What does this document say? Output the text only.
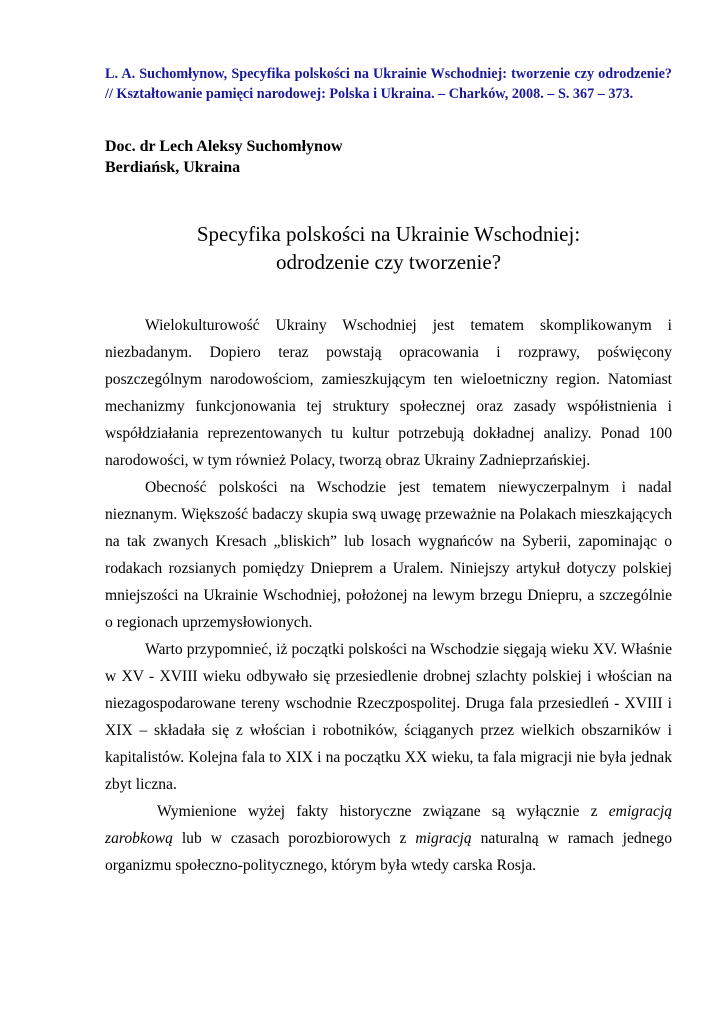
L. A. Suchomłynow, Specyfika polskości na Ukrainie Wschodniej: tworzenie czy odrodzenie? // Kształtowanie pamięci narodowej: Polska i Ukraina. – Charków, 2008. – S. 367 – 373.

Doc. dr Lech Aleksy Suchomłynow
Berdiańsk, Ukraina
Specyfika polskości na Ukrainie Wschodniej:
odrodzenie czy tworzenie?

Wielokulturowość Ukrainy Wschodniej jest tematem skomplikowanym i niezbadanym. Dopiero teraz powstają opracowania i rozprawy, poświęcony poszczególnym narodowościom, zamieszkującym ten wieloetniczny region. Natomiast mechanizmy funkcjonowania tej struktury społecznej oraz zasady współistnienia i współdziałania reprezentowanych tu kultur potrzebują dokładnej analizy. Ponad 100 narodowości, w tym również Polacy, tworzą obraz Ukrainy Zadnieprzańskiej.

Obecność polskości na Wschodzie jest tematem niewyczerpalnym i nadal nieznanym. Większość badaczy skupia swą uwagę przeważnie na Polakach mieszkających na tak zwanych Kresach „bliskich” lub losach wygnańców na Syberii, zapominając o rodakach rozsianych pomiędzy Dnieprem a Uralem. Niniejszy artykuł dotyczy polskiej mniejszości na Ukrainie Wschodniej, położonej na lewym brzegu Dniepru, a szczególnie o regionach uprzemysłowionych.

Warto przypomnieć, iż początki polskości na Wschodzie sięgają wieku XV. Właśnie w XV - XVIII wieku odbywało się przesiedlenie drobnej szlachty polskiej i włościan na niezagospodarowane tereny wschodnie Rzeczpospolitej. Druga fala przesiedleń - XVIII i XIX – składała się z włościan i robotników, ściąganych przez wielkich obszarników i kapitalistów. Kolejna fala to XIX i na początku XX wieku, ta fala migracji nie była jednak zbyt liczna.

Wymienione wyżej fakty historyczne związane są wyłącznie z emigracją zarobkową lub w czasach porozbiorowych z migracją naturalną w ramach jednego organizmu społeczno-politycznego, którym była wtedy carska Rosja.
